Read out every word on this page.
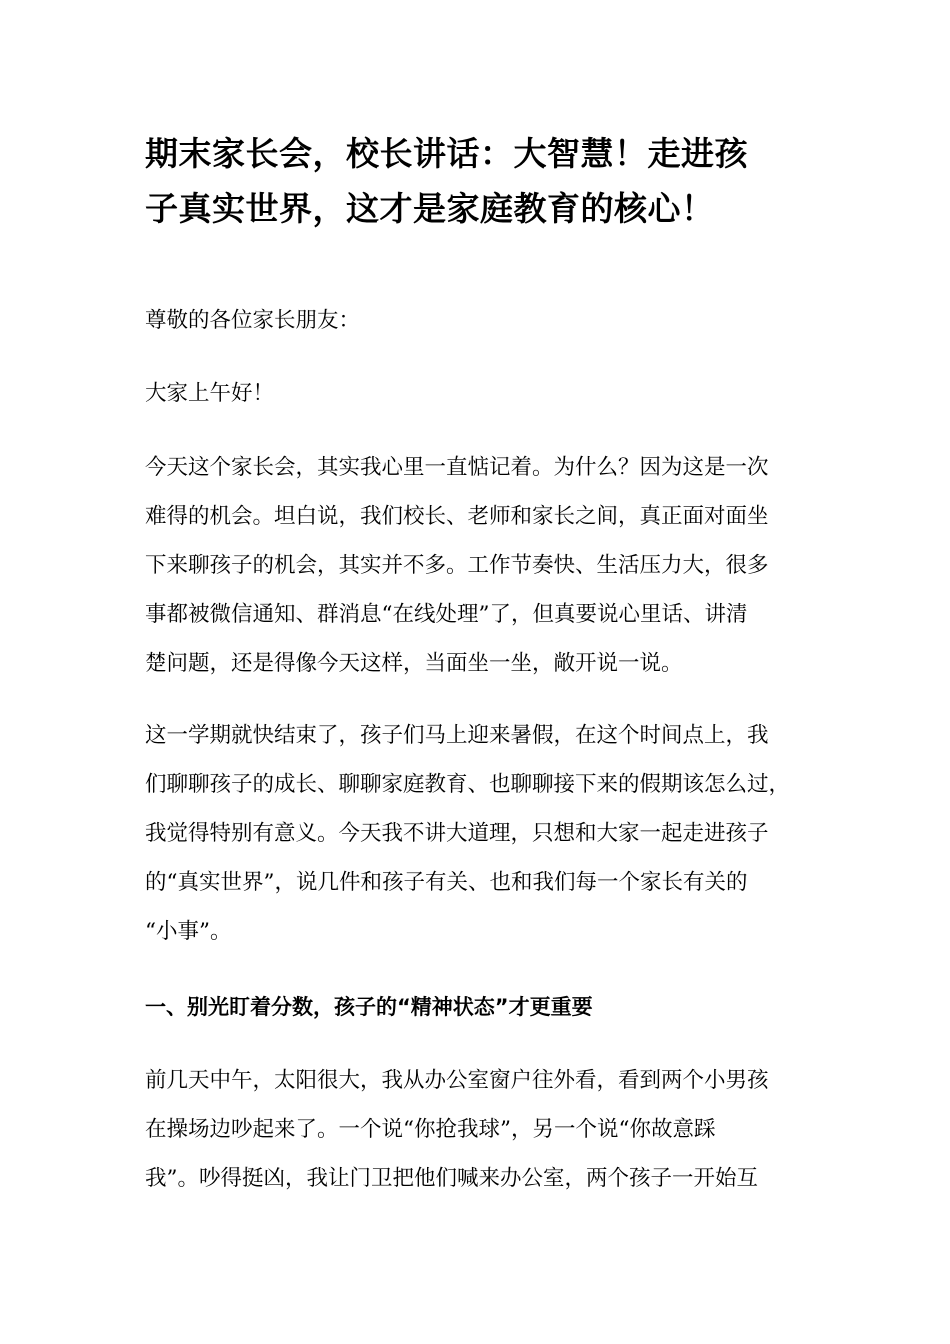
期末家长会，校长讲话：大智慧！走进孩
子真实世界，这才是家庭教育的核心！

尊敬的各位家长朋友：

大家上午好！

今天这个家长会，其实我心里一直惦记着。为什么？因为这是一次
难得的机会。坦白说，我们校长、老师和家长之间，真正面对面坐
下来聊孩子的机会，其实并不多。工作节奏快、生活压力大，很多
事都被微信通知、群消息“在线处理”了，但真要说心里话、讲清
楚问题，还是得像今天这样，当面坐一坐，敞开说一说。

这一学期就快结束了，孩子们马上迎来暑假，在这个时间点上，我
们聊聊孩子的成长、聊聊家庭教育、也聊聊接下来的假期该怎么过，
我觉得特别有意义。今天我不讲大道理，只想和大家一起走进孩子
的“真实世界”，说几件和孩子有关、也和我们每一个家长有关的
“小事”。

一、别光盯着分数，孩子的“精神状态”才更重要

前几天中午，太阳很大，我从办公室窗户往外看，看到两个小男孩
在操场边吵起来了。一个说“你抢我球”，另一个说“你故意踩
我”。吵得挺凶，我让门卫把他们喊来办公室，两个孩子一开始互
